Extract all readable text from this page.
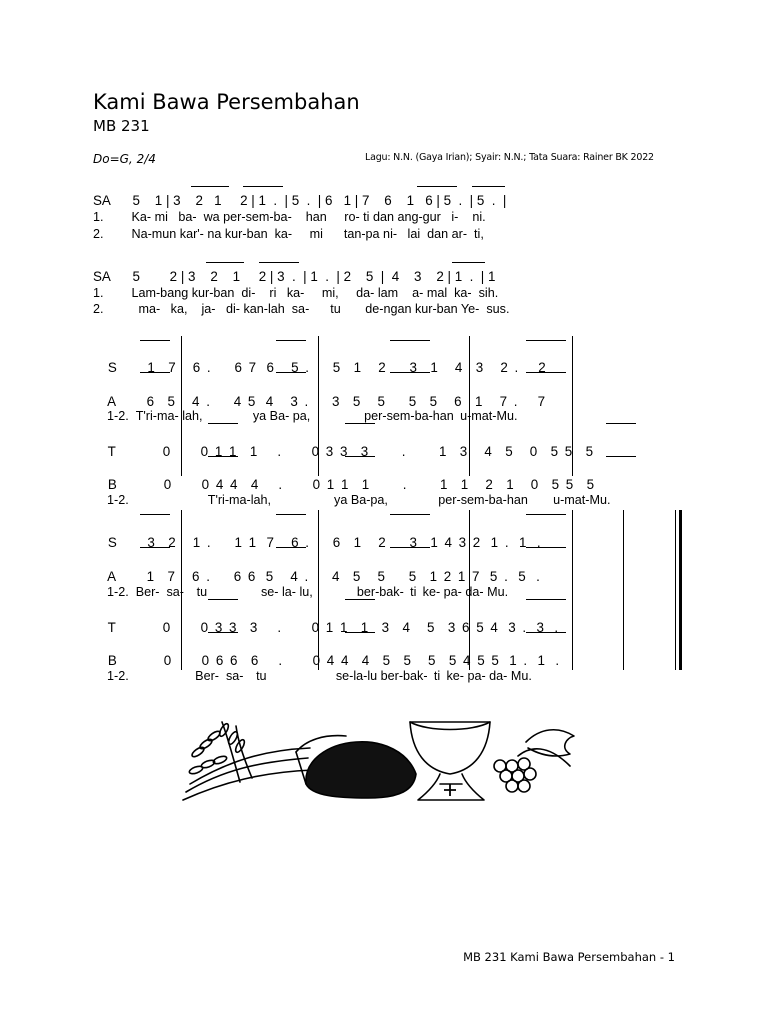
Kami Bawa Persembahan
MB 231
Do=G, 2/4	Lagu: N.N. (Gaya Irian); Syair: N.N.; Tata Suara: Rainer BK 2022
SA      5    1 | 3    2   1     2 | 1  .  | 5  .  | 6   1 | 7    6    1   6 | 5  .  | 5  .  |
1.        Ka- mi   ba-  wa per-sem-ba-    han     ro- ti dan ang-gur   i-    ni.
2.        Na-mun kar'- na kur-ban  ka-     mi      tan-pa ni-   lai  dan ar-  ti,
SA      5        2 | 3    2    1     2 | 3  .  | 1  .  | 2    5  |  4    3    2 | 1  .  | 1
1.        Lam-bang kur-ban  di-    ri   ka-     mi,     da- lam    a- mal  ka-  sih.
2.          ma-   ka,    ja-   di- kan-lah  sa-      tu       de-ngan kur-ban Ye-  sus.

S   1  7  6  .   6  7  6  5  .   5  1  2   3  1  4  3  2  .   2

A   6  5  4  .   4  5  4  3  .   3  5  5   5  5  6  1  7  .   7

1-2. T'ri-ma- lah,    	ya Ba- pa,    	per-sem-ba-han  u-mat-Mu.

T    	0   0  1  1  1   .   0  3  3  3    .    1  3  4  5  0  5  5  5

B    	0   0  4  4  4   .   0  1  1  1    .    1  1  2  1  0  5  5  5

1-2.      	T'ri-ma-lah,     	ya Ba-pa,    	per-sem-ba-han   u-mat-Mu.

S   3  2  1  .   1  1  7  6  .   6  1  2   3  1  4  3  2  1  .  1  .

A   1  7  6  .   6  6  5  4  .   4  5  5   5  1  2  1  7  5  .  5  .

1-2. Ber- sa-  tu    	se- la- lu,    	ber-bak-  ti  ke- pa- da- Mu.

T    	0   0  3  3  3   .   0  1  1  1  3  4  5  3  6  5  4  3  .  3  .

B    	0   0  6  6  6   .   0  4  4  4  5  5  5  5  4  5  5  1  .  1  .

1-2.     	Ber- sa-  tu      	se-la-lu ber-bak-  ti  ke- pa- da- Mu.

MB 231 Kami Bawa Persembahan - 1
